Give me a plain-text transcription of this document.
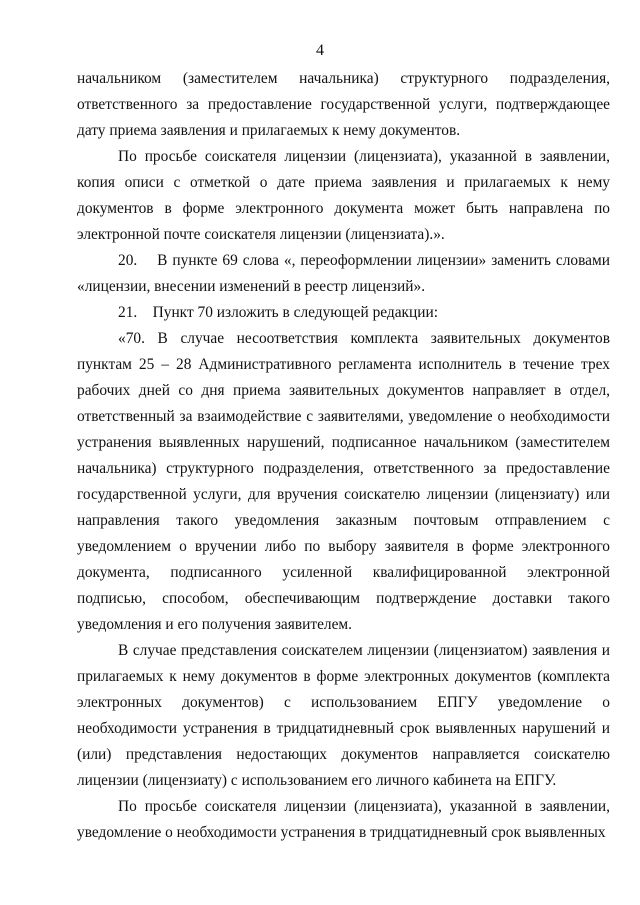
4

начальником (заместителем начальника) структурного подразделения, ответственного за предоставление государственной услуги, подтверждающее дату приема заявления и прилагаемых к нему документов.

По просьбе соискателя лицензии (лицензиата), указанной в заявлении, копия описи с отметкой о дате приема заявления и прилагаемых к нему документов в форме электронного документа может быть направлена по электронной почте соискателя лицензии (лицензиата).».

20.    В пункте 69 слова «, переоформлении лицензии» заменить словами «лицензии, внесении изменений в реестр лицензий».

21.    Пункт 70 изложить в следующей редакции:

«70. В случае несоответствия комплекта заявительных документов пунктам 25 – 28 Административного регламента исполнитель в течение трех рабочих дней со дня приема заявительных документов направляет в отдел, ответственный за взаимодействие с заявителями, уведомление о необходимости устранения выявленных нарушений, подписанное начальником (заместителем начальника) структурного подразделения, ответственного за предоставление государственной услуги, для вручения соискателю лицензии (лицензиату) или направления такого уведомления заказным почтовым отправлением с уведомлением о вручении либо по выбору заявителя в форме электронного документа, подписанного усиленной квалифицированной электронной подписью, способом, обеспечивающим подтверждение доставки такого уведомления и его получения заявителем.

В случае представления соискателем лицензии (лицензиатом) заявления и прилагаемых к нему документов в форме электронных документов (комплекта электронных документов) с использованием ЕПГУ уведомление о необходимости устранения в тридцатидневный срок выявленных нарушений и (или) представления недостающих документов направляется соискателю лицензии (лицензиату) с использованием его личного кабинета на ЕПГУ.

По просьбе соискателя лицензии (лицензиата), указанной в заявлении, уведомление о необходимости устранения в тридцатидневный срок выявленных
